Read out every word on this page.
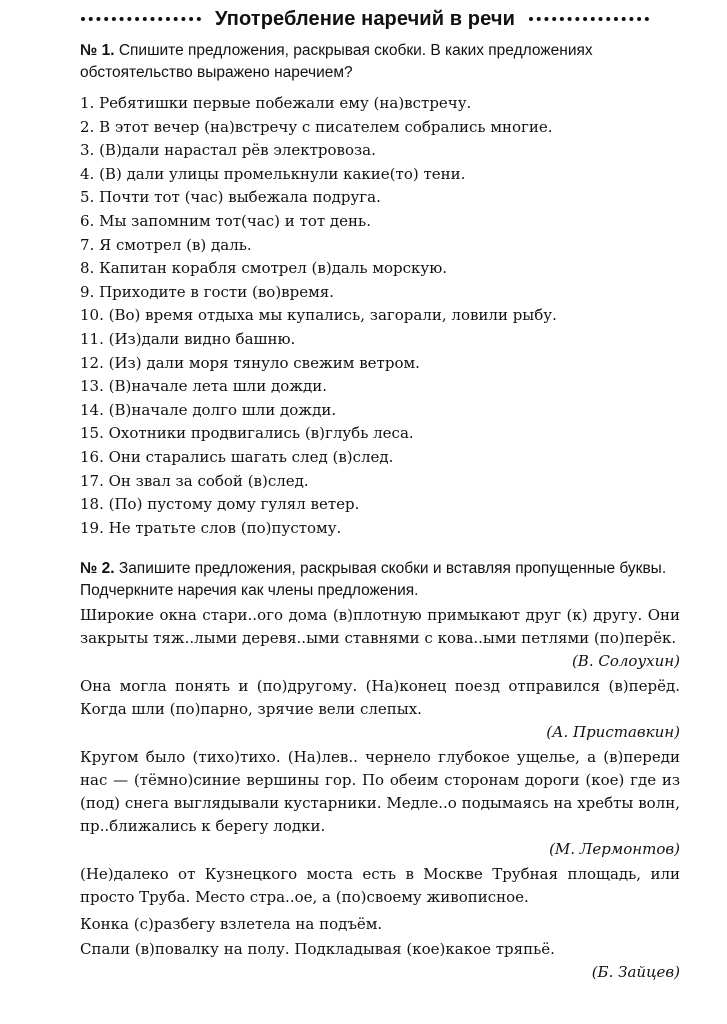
Употребление наречий в речи
№ 1. Спишите предложения, раскрывая скобки. В каких предложениях обстоятельство выражено наречием?
1. Ребятишки первые побежали ему (на)встречу.
2. В этот вечер (на)встречу с писателем собрались многие.
3. (В)дали нарастал рёв электровоза.
4. (В) дали улицы промелькнули какие(то) тени.
5. Почти тот (час) выбежала подруга.
6. Мы запомним тот(час) и тот день.
7. Я смотрел (в) даль.
8. Капитан корабля смотрел (в)даль морскую.
9. Приходите в гости (во)время.
10. (Во) время отдыха мы купались, загорали, ловили рыбу.
11. (Из)дали видно башню.
12. (Из) дали моря тянуло свежим ветром.
13. (В)начале лета шли дожди.
14. (В)начале долго шли дожди.
15. Охотники продвигались (в)глубь леса.
16. Они старались шагать след (в)след.
17. Он звал за собой (в)след.
18. (По) пустому дому гулял ветер.
19. Не тратьте слов (по)пустому.
№ 2. Запишите предложения, раскрывая скобки и вставляя пропущенные буквы. Подчеркните наречия как члены предложения.

Широкие окна стари..ого дома (в)плотную примыкают друг (к) другу. Они закрыты тяж..лыми деревя..ыми ставнями с кова..ыми петлями (по)перёк.

(В. Солоухин)

Она могла понять и (по)другому. (На)конец поезд отправился (в)перёд. Когда шли (по)парно, зрячие вели слепых.

(А. Приставкин)

Кругом было (тихо)тихо. (На)лев.. чернело глубокое ущелье, а (в)переди нас — (тёмно)синие вершины гор. По обеим сторонам дороги (кое) где из (под) снега выглядывали кустарники. Медле..о подымаясь на хребты волн, пр..ближались к берегу лодки.

(М. Лермонтов)

(Не)далеко от Кузнецкого моста есть в Москве Трубная площадь, или просто Труба. Место стра..ое, а (по)своему живописное.

Конка (с)разбегу взлетела на подъём.

Спали (в)повалку на полу. Подкладывая (кое)какое тряпьё.

(Б. Зайцев)
